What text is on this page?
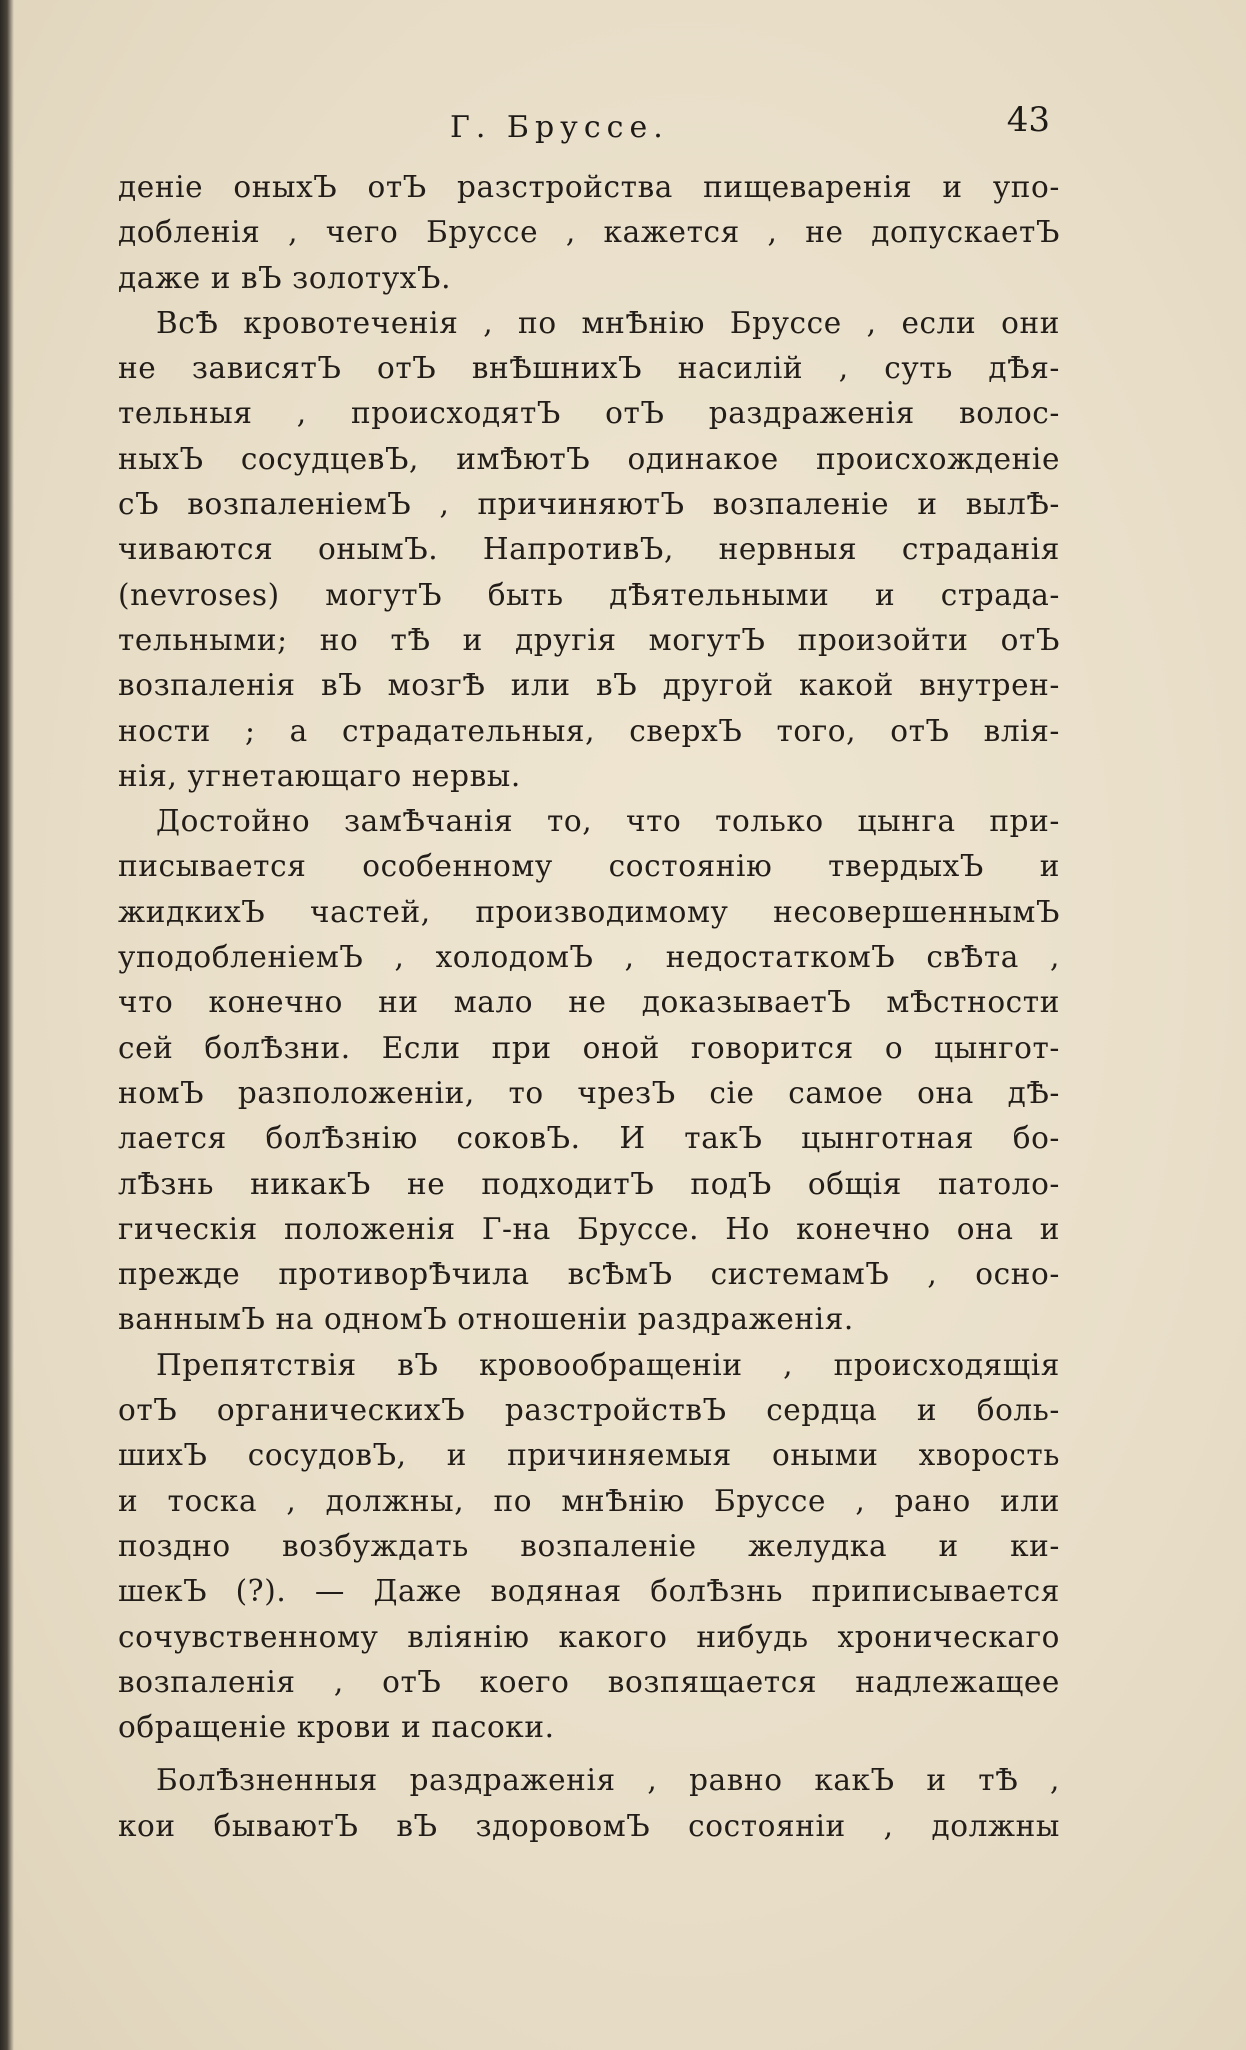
Г. Бруссе.	43

деніе оныхЪ отЪ разстройства пищеваренія и упо-
добленія , чего Бруссе , кажется , не допускаетЪ
даже и вЪ золотухЪ.

ВсѢ кровотеченія , по мнѢнію Бруссе , если они
не зависятЪ отЪ внѢшнихЪ насилій , суть дѢя-
тельныя , происходятЪ отЪ раздраженія волос-
ныхЪ сосудцевЪ, имѢютЪ одинакое происхожденіе
сЪ возпаленіемЪ , причиняютЪ возпаленіе и вылѢ-
чиваются онымЪ. НапротивЪ, нервныя страданія
(nevroses) могутЪ быть дѢятельными и страда-
тельными; но тѢ и другія могутЪ произойти отЪ
возпаленія вЪ мозгѢ или вЪ другой какой внутрен-
ности ; а страдательныя, сверхЪ того, отЪ влія-
нія, угнетающаго нервы.

Достойно замѢчанія то, что только цынга при-
писывается особенному состоянію твердыхЪ и
жидкихЪ частей, производимому несовершеннымЪ
уподобленіемЪ , холодомЪ , недостаткомЪ свѢта ,
что конечно ни мало не доказываетЪ мѢстности
сей болѢзни. Если при оной говорится о цынгот-
номЪ разположеніи, то чрезЪ сіе самое она дѢ-
лается болѢзнію соковЪ. И такЪ цынготная бо-
лѢзнь никакЪ не подходитЪ подЪ общія патоло-
гическія положенія Г-на Бруссе. Но конечно она и
прежде противорѢчила всѢмЪ системамЪ , осно-
ваннымЪ на одномЪ отношеніи раздраженія.

Препятствія вЪ кровообращеніи , происходящія
отЪ органическихЪ разстройствЪ сердца и боль-
шихЪ сосудовЪ, и причиняемыя оными хворость
и тоска , должны, по мнѢнію Бруссе , рано или
поздно возбуждать возпаленіе желудка и ки-
шекЪ (?). — Даже водяная болѢзнь приписывается
сочувственному вліянію какого нибудь хроническаго
возпаленія , отЪ коего возпящается надлежащее
обращеніе крови и пасоки.

БолѢзненныя раздраженія , равно какЪ и тѢ ,
кои бываютЪ вЪ здоровомЪ состояніи , должны
